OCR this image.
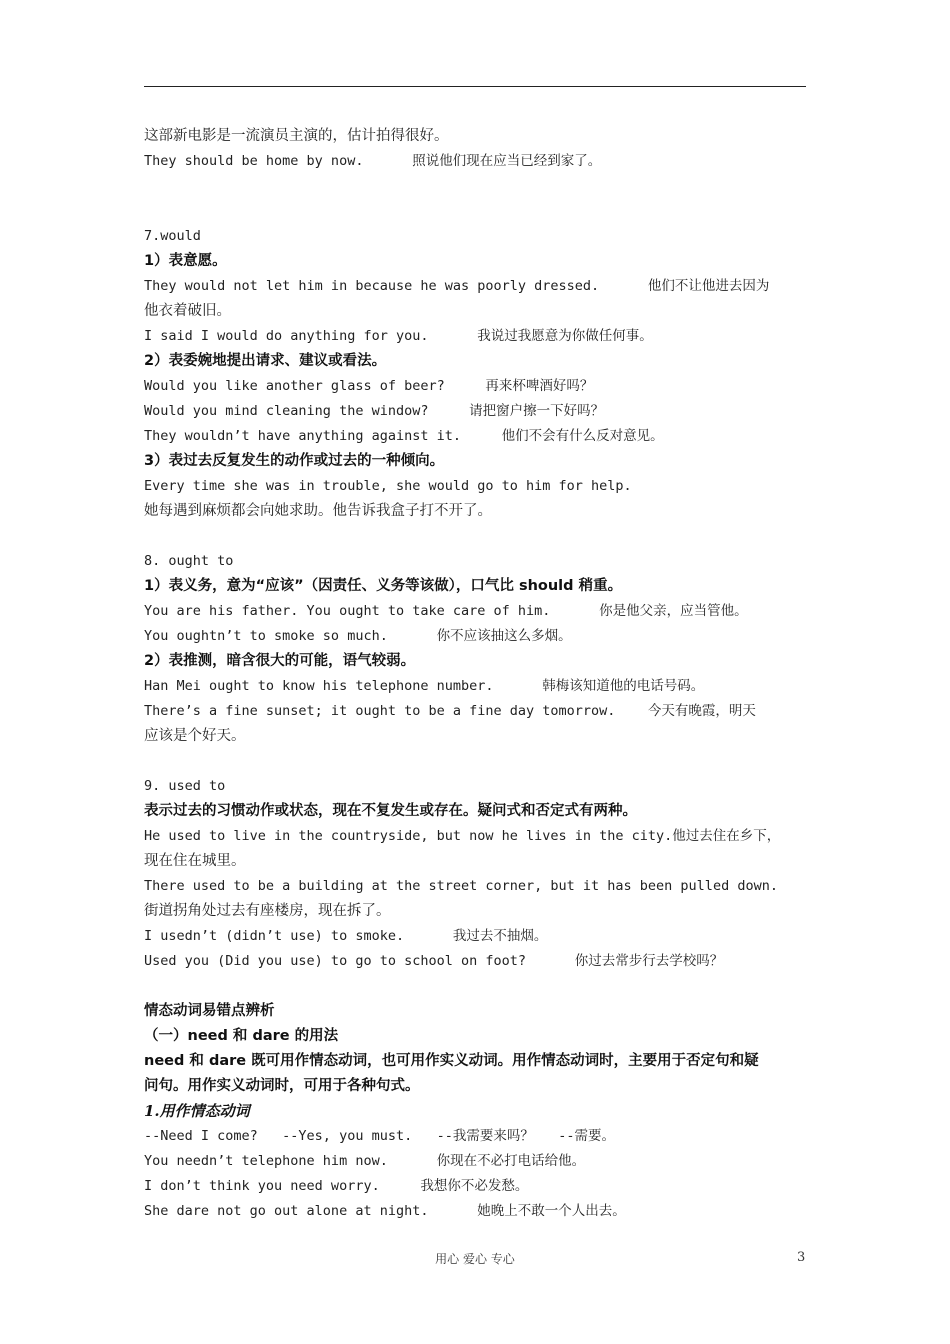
这部新电影是一流演员主演的，估计拍得很好。
They should be home by now.      照说他们现在应当已经到家了。
7.would
1）表意愿。
They would not let him in because he was poorly dressed.      他们不让他进去因为
他衣着破旧。
I said I would do anything for you.      我说过我愿意为你做任何事。
2）表委婉地提出请求、建议或看法。
Would you like another glass of beer?     再来杯啤酒好吗？
Would you mind cleaning the window?     请把窗户擦一下好吗？
They wouldn’t have anything against it.     他们不会有什么反对意见。
3）表过去反复发生的动作或过去的一种倾向。
Every time she was in trouble, she would go to him for help.
她每遇到麻烦都会向她求助。他告诉我盒子打不开了。
8. ought to
1）表义务，意为“应该”（因责任、义务等该做），口气比 should 稍重。
You are his father. You ought to take care of him.      你是他父亲，应当管他。
You oughtn’t to smoke so much.      你不应该抽这么多烟。
2）表推测，暗含很大的可能，语气较弱。
Han Mei ought to know his telephone number.      韩梅该知道他的电话号码。
There’s a fine sunset; it ought to be a fine day tomorrow.    今天有晚霞，明天
应该是个好天。
9. used to
表示过去的习惯动作或状态，现在不复发生或存在。疑问式和否定式有两种。
He used to live in the countryside, but now he lives in the city.他过去住在乡下，
现在住在城里。
There used to be a building at the street corner, but it has been pulled down.
街道拐角处过去有座楼房，现在拆了。
I usedn’t (didn’t use) to smoke.      我过去不抽烟。
Used you (Did you use) to go to school on foot?      你过去常步行去学校吗？
情态动词易错点辨析
（一）need 和 dare 的用法
need 和 dare 既可用作情态动词，也可用作实义动词。用作情态动词时，主要用于否定句和疑
问句。用作实义动词时，可用于各种句式。
1.用作情态动词
--Need I come?   --Yes, you must.   --我需要来吗？   --需要。
You needn’t telephone him now.      你现在不必打电话给他。
I don’t think you need worry.     我想你不必发愁。
She dare not go out alone at night.      她晚上不敢一个人出去。
用心 爱心 专心	3
